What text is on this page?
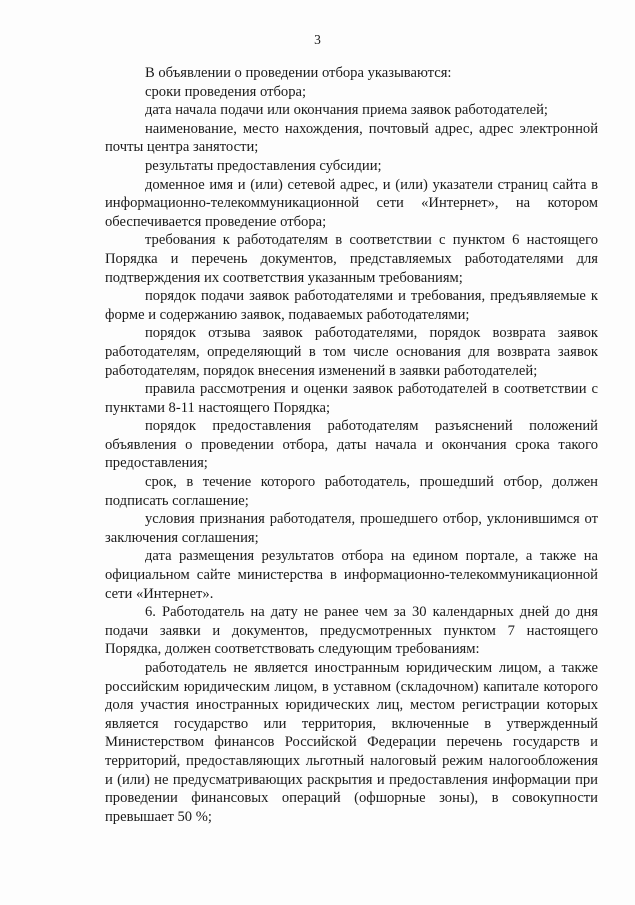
3

В объявлении о проведении отбора указываются:

сроки проведения отбора;

дата начала подачи или окончания приема заявок работодателей;

наименование, место нахождения, почтовый адрес, адрес электронной почты центра занятости;

результаты предоставления субсидии;

доменное имя и (или) сетевой адрес, и (или) указатели страниц сайта в информационно-телекоммуникационной сети «Интернет», на котором обеспечивается проведение отбора;

требования к работодателям в соответствии с пунктом 6 настоящего Порядка и перечень документов, представляемых работодателями для подтверждения их соответствия указанным требованиям;

порядок подачи заявок работодателями и требования, предъявляемые к форме и содержанию заявок, подаваемых работодателями;

порядок отзыва заявок работодателями, порядок возврата заявок работодателям, определяющий в том числе основания для возврата заявок работодателям, порядок внесения изменений в заявки работодателей;

правила рассмотрения и оценки заявок работодателей в соответствии с пунктами 8-11 настоящего Порядка;

порядок предоставления работодателям разъяснений положений объявления о проведении отбора, даты начала и окончания срока такого предоставления;

срок, в течение которого работодатель, прошедший отбор, должен подписать соглашение;

условия признания работодателя, прошедшего отбор, уклонившимся от заключения соглашения;

дата размещения результатов отбора на едином портале, а также на официальном сайте министерства в информационно-телекоммуникационной сети «Интернет».

6. Работодатель на дату не ранее чем за 30 календарных дней до дня подачи заявки и документов, предусмотренных пунктом 7 настоящего Порядка, должен соответствовать следующим требованиям:

работодатель не является иностранным юридическим лицом, а также российским юридическим лицом, в уставном (складочном) капитале которого доля участия иностранных юридических лиц, местом регистрации которых является государство или территория, включенные в утвержденный Министерством финансов Российской Федерации перечень государств и территорий, предоставляющих льготный налоговый режим налогообложения и (или) не предусматривающих раскрытия и предоставления информации при проведении финансовых операций (офшорные зоны), в совокупности превышает 50 %;
